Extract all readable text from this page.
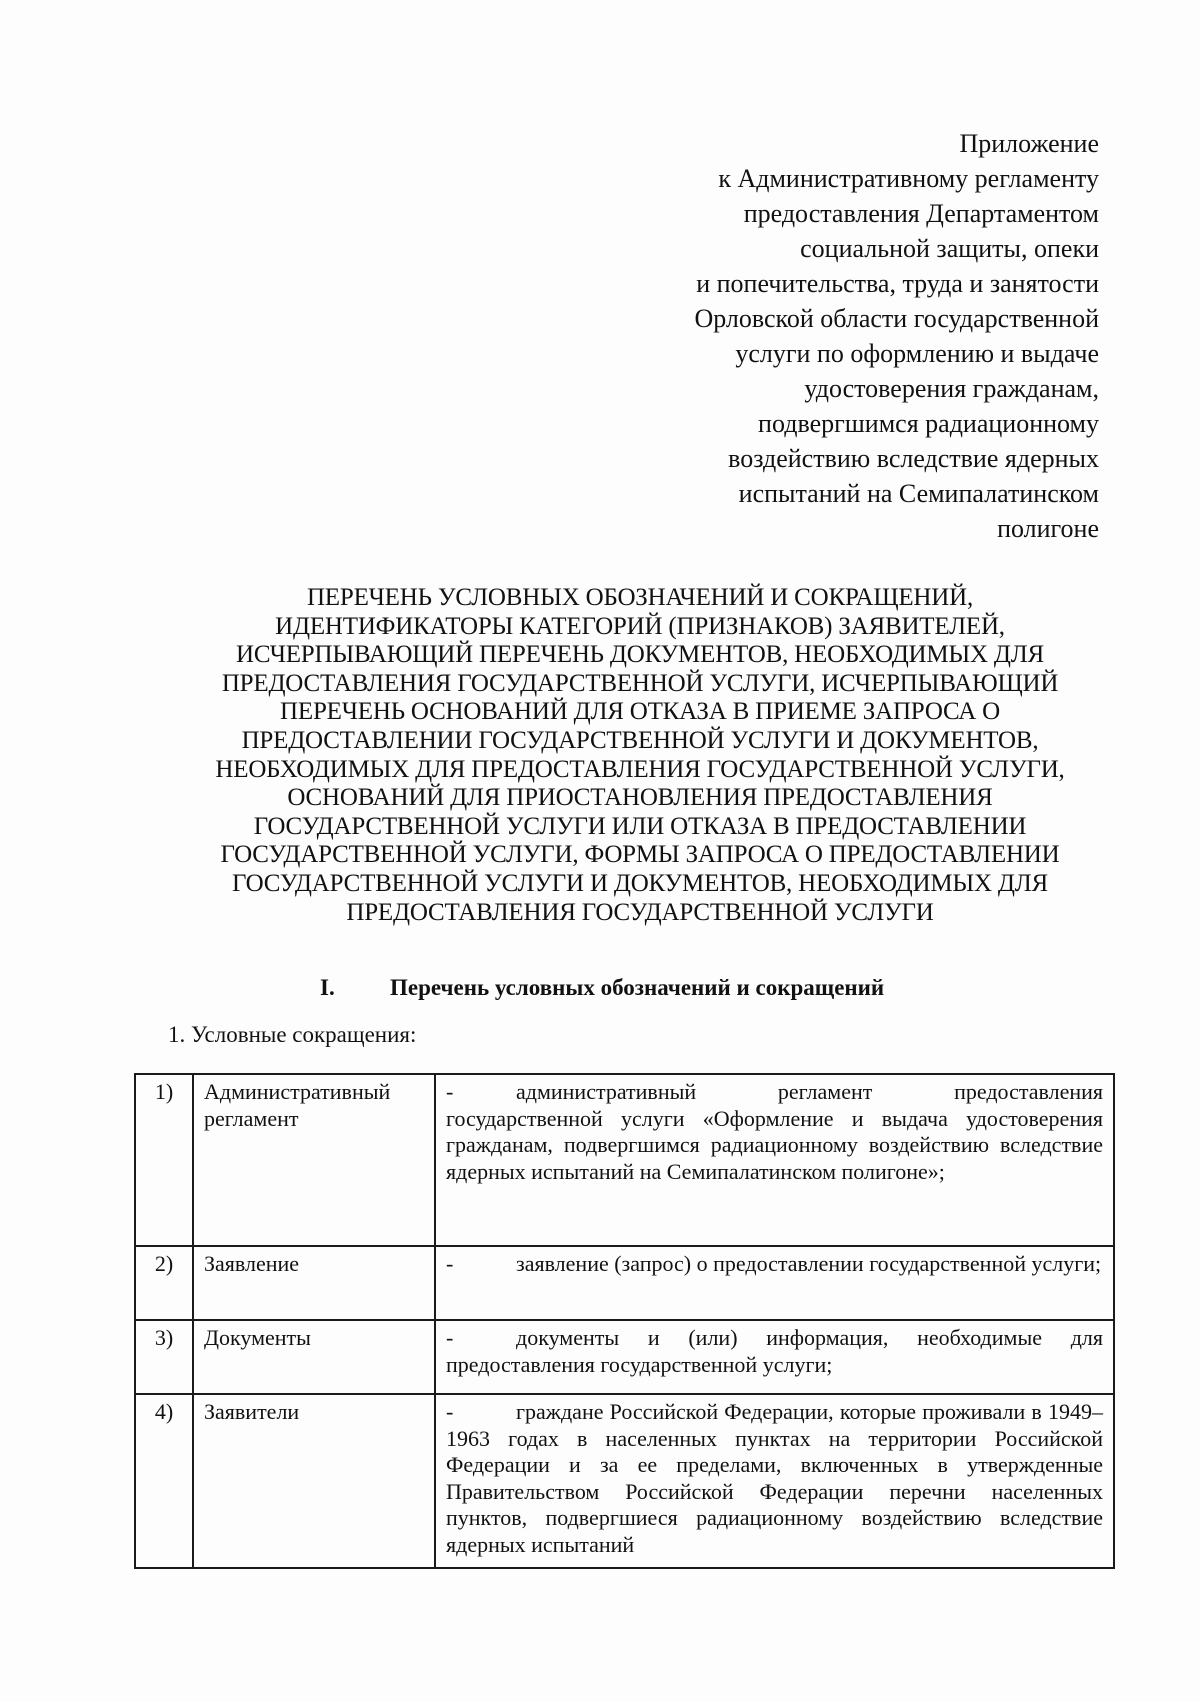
Приложение
к Административному регламенту
предоставления Департаментом
социальной защиты, опеки
и попечительства, труда и занятости
Орловской области государственной
услуги по оформлению и выдаче
удостоверения гражданам,
подвергшимся радиационному
воздействию вследствие ядерных
испытаний на Семипалатинском
полигоне
ПЕРЕЧЕНЬ УСЛОВНЫХ ОБОЗНАЧЕНИЙ И СОКРАЩЕНИЙ,
ИДЕНТИФИКАТОРЫ КАТЕГОРИЙ (ПРИЗНАКОВ) ЗАЯВИТЕЛЕЙ,
ИСЧЕРПЫВАЮЩИЙ ПЕРЕЧЕНЬ ДОКУМЕНТОВ, НЕОБХОДИМЫХ ДЛЯ
ПРЕДОСТАВЛЕНИЯ ГОСУДАРСТВЕННОЙ УСЛУГИ, ИСЧЕРПЫВАЮЩИЙ
ПЕРЕЧЕНЬ ОСНОВАНИЙ ДЛЯ ОТКАЗА В ПРИЕМЕ ЗАПРОСА О
ПРЕДОСТАВЛЕНИИ ГОСУДАРСТВЕННОЙ УСЛУГИ И ДОКУМЕНТОВ,
НЕОБХОДИМЫХ ДЛЯ ПРЕДОСТАВЛЕНИЯ ГОСУДАРСТВЕННОЙ УСЛУГИ,
ОСНОВАНИЙ ДЛЯ ПРИОСТАНОВЛЕНИЯ ПРЕДОСТАВЛЕНИЯ
ГОСУДАРСТВЕННОЙ УСЛУГИ ИЛИ ОТКАЗА В ПРЕДОСТАВЛЕНИИ
ГОСУДАРСТВЕННОЙ УСЛУГИ, ФОРМЫ ЗАПРОСА О ПРЕДОСТАВЛЕНИИ
ГОСУДАРСТВЕННОЙ УСЛУГИ И ДОКУМЕНТОВ, НЕОБХОДИМЫХ ДЛЯ
ПРЕДОСТАВЛЕНИЯ ГОСУДАРСТВЕННОЙ УСЛУГИ
I. Перечень условных обозначений и сокращений
1. Условные сокращения:
1)	Административный регламент	- административный регламент предоставления государственной услуги «Оформление и выдача удостоверения гражданам, подвергшимся радиационному воздействию вследствие ядерных испытаний на Семипалатинском полигоне»;
2)	Заявление	- заявление (запрос) о предоставлении государственной услуги;
3)	Документы	- документы и (или) информация, необходимые для предоставления государственной услуги;
4)	Заявители	- граждане Российской Федерации, которые проживали в 1949–1963 годах в населенных пунктах на территории Российской Федерации и за ее пределами, включенных в утвержденные Правительством Российской Федерации перечни населенных пунктов, подвергшиеся радиационному воздействию вследствие ядерных испытаний
